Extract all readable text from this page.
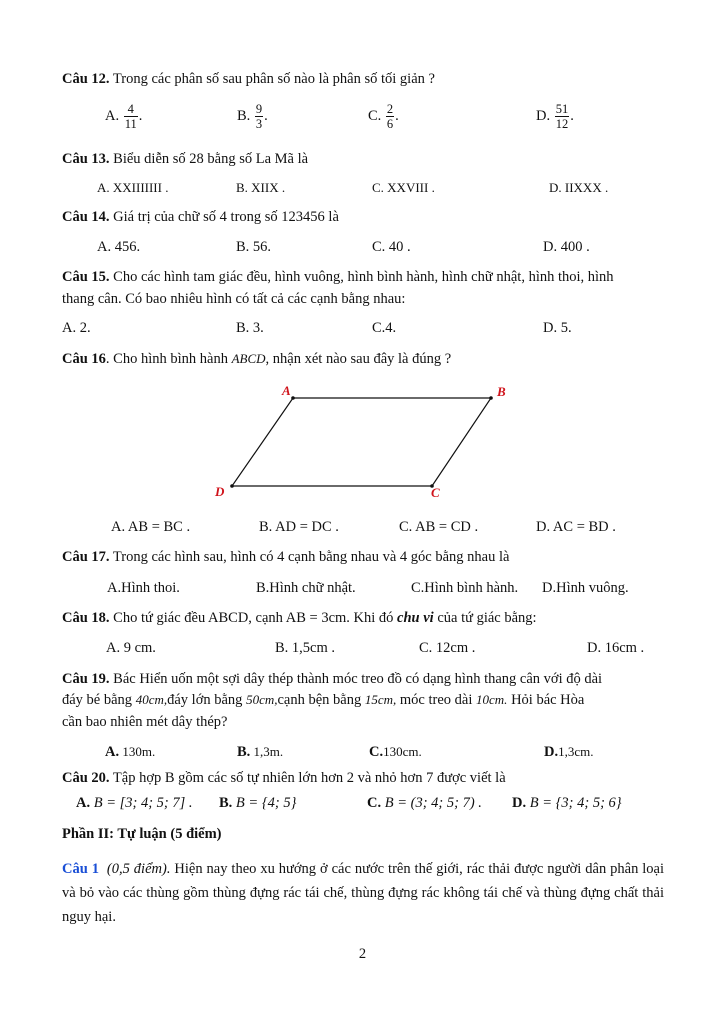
Câu 12. Trong các phân số sau phân số nào là phân số tối giản ?
A. $\frac{4}{11}$ .	B. $\frac{9}{3}$ .	C. $\frac{2}{6}$ .	D. $\frac{51}{12}$ .
Câu 13. Biểu diễn số 28 bằng số La Mã là
A. XXIIIIIII .	B. XIIX .	C. XXVIII .	D. IIXXX .
Câu 14. Giá trị của chữ số 4 trong số 123456 là
A. 456.	B. 56.	C. 40 .	D. 400 .
Câu 15. Cho các hình tam giác đều, hình vuông, hình bình hành, hình chữ nhật, hình thoi, hình
thang cân. Có bao nhiêu hình có tất cả các cạnh bằng nhau:
A. 2.	B. 3.	C.4.	D. 5.
Câu 16. Cho hình bình hành ABCD, nhận xét nào sau đây là đúng ?
A	B
C
D
A. AB = BC .	B. AD = DC .	C. AB = CD .	D. AC = BD .
Câu 17. Trong các hình sau, hình có 4 cạnh bằng nhau và 4 góc bằng nhau là
A.Hình thoi.	B.Hình chữ nhật.	C.Hình bình hành. D.Hình vuông.
Câu 18. Cho tứ giác đều ABCD, cạnh AB = 3cm. Khi đó chu vi của tứ giác bằng:
A. 9 cm.	B. 1,5cm .	C. 12cm .	D. 16cm .
Câu 19. Bác Hiển uốn một sợi dây thép thành móc treo đồ có dạng hình thang cân với độ dài
đáy bé bằng 40cm,đáy lớn bằng 50cm,cạnh bện bằng 15cm, móc treo dài 10cm. Hỏi bác Hòa
cần bao nhiên mét dây thép?
A. 130m.	B. 1,3m.	C.130cm.	D.1,3cm.
Câu 20. Tập hợp B gồm các số tự nhiên lớn hơn 2 và nhỏ hơn 7 được viết là
A. B = [3; 4; 5; 7] . B. B = {4; 5}	C. B = (3; 4; 5; 7) . D. B = {3; 4; 5; 6}
Phần II: Tự luận (5 điểm)
Câu 1 (0,5 điểm). Hiện nay theo xu hướng ở các nước trên thế giới, rác thải được người dân phân loại và bỏ vào các thùng gồm thùng đựng rác tái chế, thùng đựng rác không tái chế và thùng đựng chất thải nguy hại.
2
